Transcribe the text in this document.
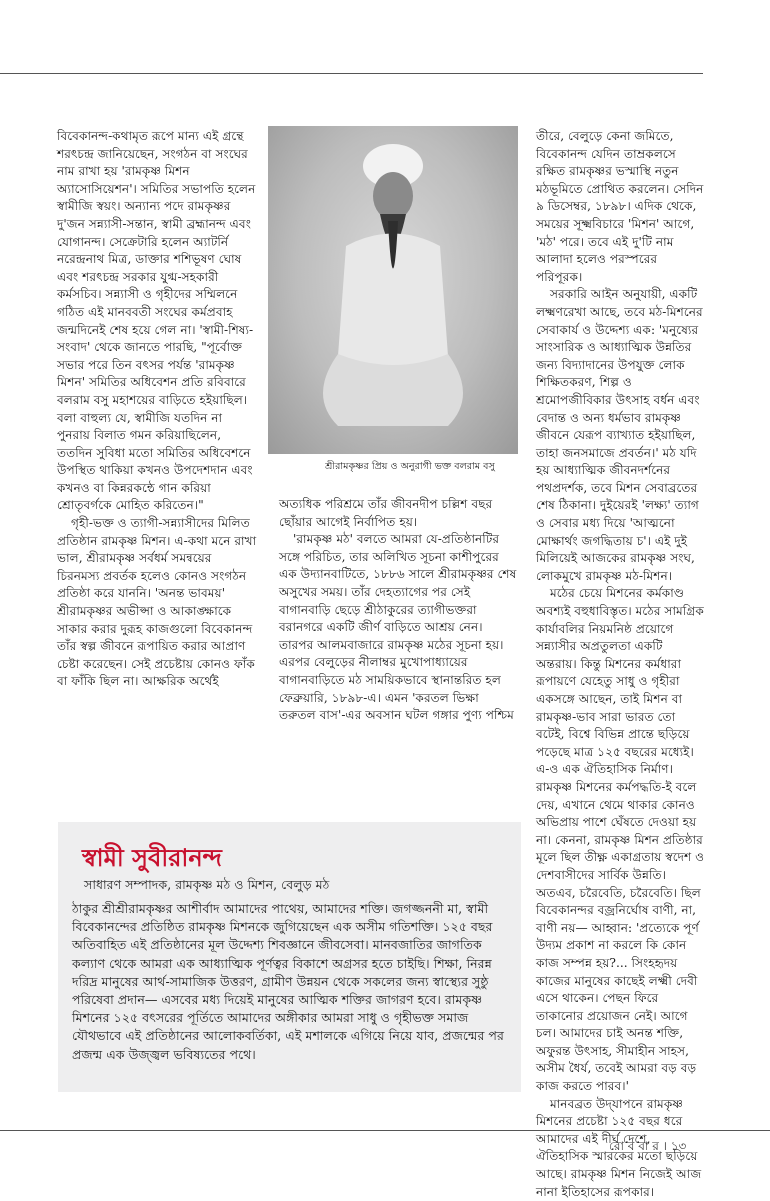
বিবেকানন্দ-কথামৃত রূপে মান্য এই গ্রন্থে শরৎচন্দ্র জানিয়েছেন, সংগঠন বা সংঘের নাম রাখা হয় 'রামকৃষ্ণ মিশন অ্যাসোসিয়েশন'। সমিতির সভাপতি হলেন স্বামীজি স্বয়ং। অন্যান্য পদে রামকৃষ্ণর দু'জন সন্ন্যাসী-সন্তান, স্বামী ব্রহ্মানন্দ এবং যোগানন্দ। সেক্রেটারি হলেন অ্যাটর্নি নরেন্দ্রনাথ মিত্র, ডাক্তার শশিভূষণ ঘোষ এবং শরৎচন্দ্র সরকার যুগ্ম-সহকারী কর্মসচিব। সন্ন্যাসী ও গৃহীদের সম্মিলনে গঠিত এই মানববতী সংঘের কর্মপ্রবাহ জন্মদিনেই শেষ হয়ে গেল না। 'স্বামী-শিষ্য-সংবাদ' থেকে জানতে পারছি, "পূর্বোক্ত সভার পরে তিন বৎসর পর্যন্ত 'রামকৃষ্ণ মিশন' সমিতির অধিবেশন প্রতি রবিবারে বলরাম বসু মহাশয়ের বাড়িতে হইয়াছিল। বলা বাহুল্য যে, স্বামীজি যতদিন না পুনরায় বিলাত গমন করিয়াছিলেন, ততদিন সুবিধা মতো সমিতির অধিবেশনে উপস্থিত থাকিয়া কখনও উপদেশদান এবং কখনও বা কিন্নরকন্ঠে গান করিয়া শ্রোতৃবর্গকে মোহিত করিতেন।"

গৃহী-ভক্ত ও ত্যাগী-সন্ন্যাসীদের মিলিত প্রতিষ্ঠান রামকৃষ্ণ মিশন। এ-কথা মনে রাখা ভাল, শ্রীরামকৃষ্ণ সর্বধর্ম সমন্বয়ের চিরনমস্য প্রবর্তক হলেও কোনও সংগঠন প্রতিষ্ঠা করে যাননি। 'অনন্ত ভাবময়' শ্রীরামকৃষ্ণর অভীপ্সা ও আকাঙ্ক্ষাকে সাকার করার দুরূহ কাজগুলো বিবেকানন্দ তাঁর স্বল্প জীবনে রূপায়িত করার আপ্রাণ চেষ্টা করেছেন। সেই প্রচেষ্টায় কোনও ফাঁক বা ফাঁকি ছিল না। আক্ষরিক অর্থেই

শ্রীরামকৃষ্ণর প্রিয় ও অনুরাগী ভক্ত বলরাম বসু

অত্যধিক পরিশ্রমে তাঁর জীবনদীপ চল্লিশ বছর ছোঁয়ার আগেই নির্বাপিত হয়।

'রামকৃষ্ণ মঠ' বলতে আমরা যে-প্রতিষ্ঠানটির সঙ্গে পরিচিত, তার অলিখিত সূচনা কাশীপুরের এক উদ্যানবাটিতে, ১৮৮৬ সালে শ্রীরামকৃষ্ণর শেষ অসুখের সময়। তাঁর দেহত্যাগের পর সেই বাগানবাড়ি ছেড়ে শ্রীঠাকুরের ত্যাগীভক্তরা বরানগরে একটি জীর্ণ বাড়িতে আশ্রয় নেন। তারপর আলমবাজারে রামকৃষ্ণ মঠের সূচনা হয়। এরপর বেলুড়ের নীলাম্বর মুখোপাধ্যায়ের বাগানবাড়িতে মঠ সাময়িকভাবে স্থানান্তরিত হল ফেব্রুয়ারি, ১৮৯৮-এ। এমন 'করতল ভিক্ষা তরুতল বাস'-এর অবসান ঘটল গঙ্গার পুণ্য পশ্চিম

তীরে, বেলুড়ে কেনা জমিতে, বিবেকানন্দ যেদিন তাম্রকলসে রক্ষিত রামকৃষ্ণর ভস্মাস্থি নতুন মঠভূমিতে প্রোথিত করলেন। সেদিন ৯ ডিসেম্বর, ১৮৯৮। এদিক থেকে, সময়ের সূক্ষ্মবিচারে 'মিশন' আগে, 'মঠ' পরে। তবে এই দু'টি নাম আলাদা হলেও পরস্পরের পরিপূরক।

সরকারি আইন অনুযায়ী, একটি লক্ষ্মণরেখা আছে, তবে মঠ-মিশনের সেবাকার্য ও উদ্দেশ্য এক: 'মনুষ্যের সাংসারিক ও আধ্যাত্মিক উন্নতির জন্য বিদ্যাদানের উপযুক্ত লোক শিক্ষিতকরণ, শিল্প ও শ্রমোপজীবিকার উৎসাহ বর্ধন এবং বেদান্ত ও অন্য ধর্মভাব রামকৃষ্ণ জীবনে যেরূপ ব্যাখ্যাত হইয়াছিল, তাহা জনসমাজে প্রবর্তন।' মঠ যদি হয় আধ্যাত্মিক জীবনদর্শনের পথপ্রদর্শক, তবে মিশন সেবাব্রতের শেষ ঠিকানা। দুইয়েরই 'লক্ষ্য' ত্যাগ ও সেবার মধ্য দিয়ে 'আত্মনো মোক্ষার্থং জগদ্ধিতায় চ'। এই দুই মিলিয়েই আজকের রামকৃষ্ণ সংঘ, লোকমুখে রামকৃষ্ণ মঠ-মিশন।

মঠের চেয়ে মিশনের কর্মকাণ্ড অবশ্যই বহুধাবিস্তৃত। মঠের সামগ্রিক কার্যাবলির নিয়মনিষ্ঠ প্রয়োগে সন্ন্যাসীর অপ্রতুলতা একটি অন্তরায়। কিন্তু মিশনের কর্মধারা রূপায়ণে যেহেতু সাধু ও গৃহীরা একসঙ্গে আছেন, তাই মিশন বা রামকৃষ্ণ-ভাব সারা ভারত তো বটেই, বিশ্বে বিভিন্ন প্রান্তে ছড়িয়ে পড়েছে মাত্র ১২৫ বছরের মধ্যেই। এ-ও এক ঐতিহাসিক নির্মাণ। রামকৃষ্ণ মিশনের কর্মপদ্ধতি-ই বলে দেয়, এখানে থেমে থাকার কোনও অভিপ্রায় পাশে ঘেঁষতে দেওয়া হয় না। কেননা, রামকৃষ্ণ মিশন প্রতিষ্ঠার মূলে ছিল তীক্ষ্ণ একাগ্রতায় স্বদেশ ও দেশবাসীদের সার্বিক উন্নতি। অতএব, চরৈবেতি, চরৈবেতি। ছিল বিবেকানন্দর বজ্রনির্ঘোষ বাণী, না, বাণী নয়— আহ্বান: 'প্রত্যেকে পূর্ণ উদ্যম প্রকাশ না করলে কি কোন কাজ সম্পন্ন হয়?... সিংহহৃদয় কাজের মানুষের কাছেই লক্ষ্মী দেবী এসে থাকেন। পেছন ফিরে তাকানোর প্রয়োজন নেই। আগে চল। আমাদের চাই অনন্ত শক্তি, অফুরন্ত উৎসাহ, সীমাহীন সাহস, অসীম ধৈর্য, তবেই আমরা বড় বড় কাজ করতে পারব।'

মানবব্রত উদ্‌যাপনে রামকৃষ্ণ মিশনের প্রচেষ্টা ১২৫ বছর ধরে আমাদের এই দীর্ঘ দেশে, ঐতিহাসিক স্মারকের মতো ছড়িয়ে আছে। রামকৃষ্ণ মিশন নিজেই আজ নানা ইতিহাসের রূপকার।

স্বামী সুবীরানন্দ
সাধারণ সম্পাদক, রামকৃষ্ণ মঠ ও মিশন, বেলুড় মঠ

ঠাকুর শ্রীশ্রীরামকৃষ্ণর আশীর্বাদ আমাদের পাথেয়, আমাদের শক্তি। জগজ্জননী মা, স্বামী বিবেকানন্দের প্রতিষ্ঠিত রামকৃষ্ণ মিশনকে জুগিয়েছেন এক অসীম গতিশক্তি। ১২৫ বছর অতিবাহিত এই প্রতিষ্ঠানের মূল উদ্দেশ্য শিবজ্ঞানে জীবসেবা। মানবজাতির জাগতিক কল্যাণ থেকে আমরা এক আধ্যাত্মিক পূর্ণত্বর বিকাশে অগ্রসর হতে চাইছি। শিক্ষা, নিরন্ন দরিদ্র মানুষের আর্থ-সামাজিক উত্তরণ, গ্রামীণ উন্নয়ন থেকে সকলের জন্য স্বাস্থ্যের সুষ্ঠু পরিষেবা প্রদান— এসবের মধ্য দিয়েই মানুষের আত্মিক শক্তির জাগরণ হবে। রামকৃষ্ণ মিশনের ১২৫ বৎসরের পূর্তিতে আমাদের অঙ্গীকার আমরা সাধু ও গৃহীভক্ত সমাজ যৌথভাবে এই প্রতিষ্ঠানের আলোকবর্তিকা, এই মশালকে এগিয়ে নিয়ে যাব, প্রজন্মের পর প্রজন্ম এক উজ্জ্বল ভবিষ্যতের পথে।

রো ব বা র । ১৩
